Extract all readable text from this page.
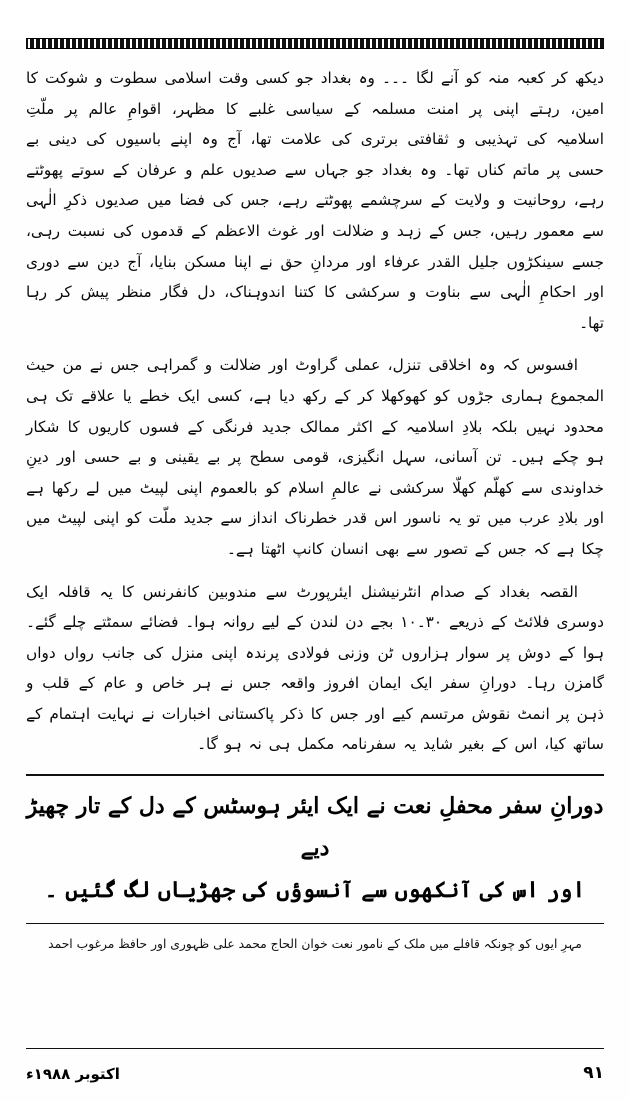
دیکھ کر کعبہ منہ کو آنے لگا ۔۔۔ وہ بغداد جو کسی وقت اسلامی سطوت و شوکت کا امین، رہتے اپنی پر امنت مسلمہ کے سیاسی غلبے کا مظہر، اقوامِ عالم پر ملّتِ اسلامیہ کی تہذیبی و ثقافتی برتری کی علامت تھا، آج وہ اپنے باسیوں کی دینی بے حسی پر ماتم کناں تھا۔ وہ بغداد جو جہاں سے صدیوں علم و عرفان کے سوتے پھوٹتے رہے، روحانیت و ولایت کے سرچشمے پھوٹتے رہے، جس کی فضا میں صدیوں ذکرِ الٰہی سے معمور رہیں، جس کے زہد و ضلالت اور غوث الاعظم کے قدموں کی نسبت رہی، جسے سینکڑوں جلیل القدر عرفاء اور مردانِ حق نے اپنا مسکن بنایا، آج دین سے دوری اور احکامِ الٰہی سے بناوت و سرکشی کا کتنا اندوہناک، دل فگار منظر پیش کر رہا تھا۔

افسوس کہ وہ اخلاقی تنزل، عملی گراوٹ اور ضلالت و گمراہی جس نے من حیث المجموع ہماری جڑوں کو کھوکھلا کر کے رکھ دیا ہے، کسی ایک خطے یا علاقے تک ہی محدود نہیں بلکہ بلادِ اسلامیہ کے اکثر ممالک جدید فرنگی کے فسوں کاریوں کا شکار ہو چکے ہیں۔ تن آسانی، سہل انگیزی، قومی سطح پر بے یقینی و بے حسی اور دینِ خداوندی سے کھلّم کھلّا سرکشی نے عالمِ اسلام کو بالعموم اپنی لپیٹ میں لے رکھا ہے اور بلادِ عرب میں تو یہ ناسور اس قدر خطرناک انداز سے جدید ملّت کو اپنی لپیٹ میں چکا ہے کہ جس کے تصور سے بھی انسان کانپ اٹھتا ہے۔

القصہ بغداد کے صدام انٹرنیشنل ایئرپورٹ سے مندوبین کانفرنس کا یہ قافلہ ایک دوسری فلائٹ کے ذریعے ۳۰۔۱۰ بجے دن لندن کے لیے روانہ ہوا۔ فضائے سمٹتے چلے گئے۔ ہوا کے دوش پر سوار ہزاروں ٹن وزنی فولادی پرندہ اپنی منزل کی جانب رواں دواں گامزن رہا۔ دورانِ سفر ایک ایمان افروز واقعہ جس نے ہر خاص و عام کے قلب و ذہن پر انمٹ نقوش مرتسم کیے اور جس کا ذکر پاکستانی اخبارات نے نہایت اہتمام کے ساتھ کیا، اس کے بغیر شاید یہ سفرنامہ مکمل ہی نہ ہو گا۔

دورانِ سفر محفلِ نعت نے ایک ایئر ہوسٹس کے دل کے تار چھیڑ دیے
اور اس کی آنکھوں سے آنسوؤں کی جھڑیاں لگ گئیں ۔

مہرِ ایوں کو چونکہ قافلے میں ملک کے نامور نعت خوان الحاج محمد علی ظہوری اور حافظ مرغوب احمد

اکتوبر ۱۹۸۸ء	۹۱
